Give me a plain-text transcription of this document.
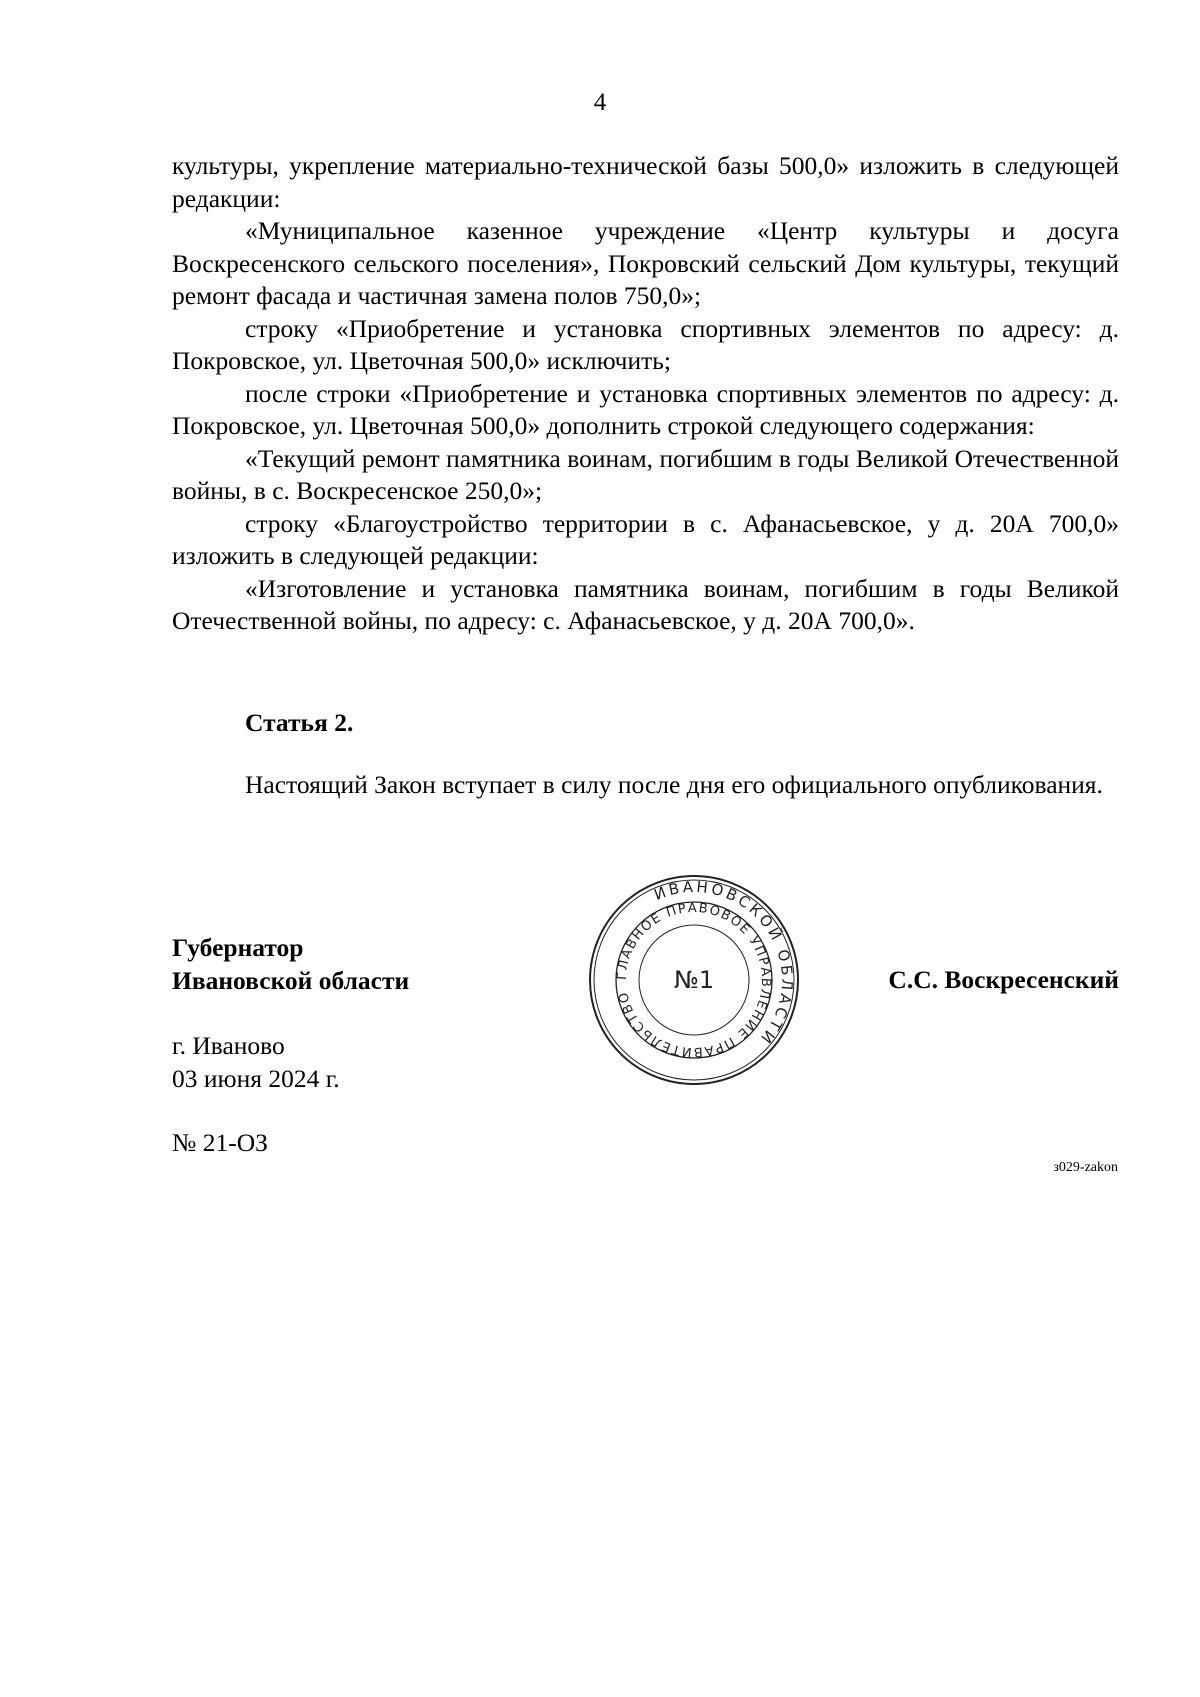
4

культуры, укрепление материально-технической базы 500,0» изложить в следующей редакции:

«Муниципальное казенное учреждение «Центр культуры и досуга Воскресенского сельского поселения», Покровский сельский Дом культуры, текущий ремонт фасада и частичная замена полов 750,0»;

строку «Приобретение и установка спортивных элементов по адресу: д. Покровское, ул. Цветочная 500,0» исключить;

после строки «Приобретение и установка спортивных элементов по адресу: д. Покровское, ул. Цветочная 500,0» дополнить строкой следующего содержания:

«Текущий ремонт памятника воинам, погибшим в годы Великой Отечественной войны, в с. Воскресенское 250,0»;

строку «Благоустройство территории в с. Афанасьевское, у д. 20А 700,0» изложить в следующей редакции:

«Изготовление и установка памятника воинам, погибшим в годы Великой Отечественной войны, по адресу: с. Афанасьевское, у д. 20А 700,0».

Статья 2.

Настоящий Закон вступает в силу после дня его официального опубликования.

Губернатор
Ивановской области
ИВАНОВСКОЙ ОБЛАСТИ
ГЛАВНОЕ ПРАВОВОЕ УПРАВЛЕНИЕ ПРАВИТЕЛЬСТВО
№1	С.С. Воскресенский
г. Иваново
03 июня 2024 г.
№ 21-ОЗ
з029-zakon
